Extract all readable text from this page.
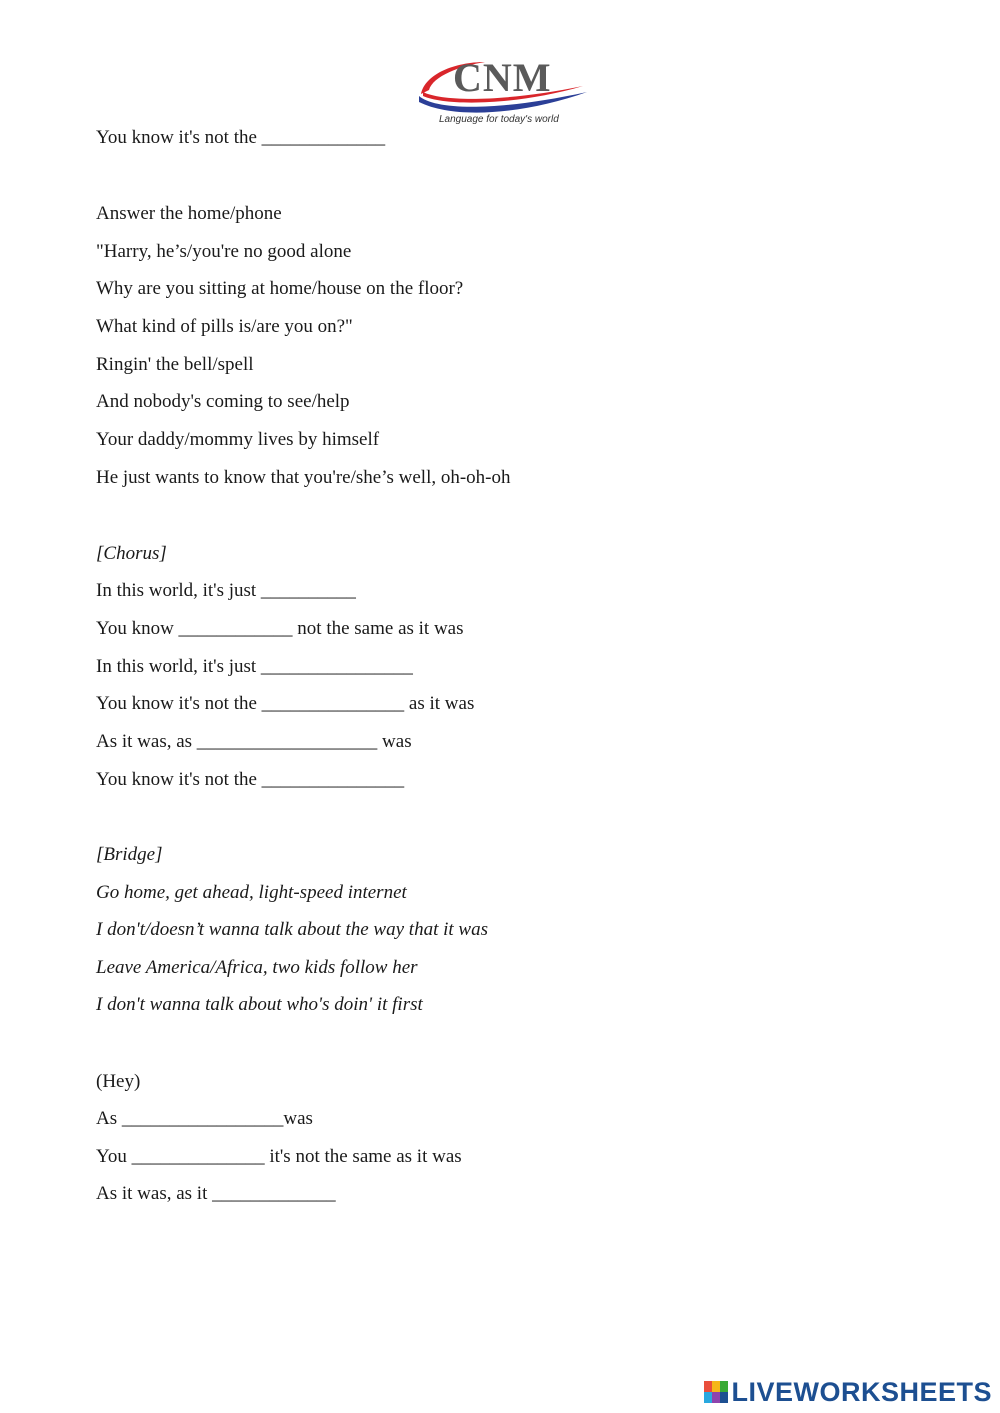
CNM
Language for today's world
You know it's not the _____________
Answer the home/phone
"Harry, he’s/you're no good alone
Why are you sitting at home/house on the floor?
What kind of pills is/are you on?"
Ringin' the bell/spell
And nobody's coming to see/help
Your daddy/mommy lives by himself
He just wants to know that you're/she’s well, oh-oh-oh
[Chorus]
In this world, it's just __________
You know ____________ not the same as it was
In this world, it's just ________________
You know it's not the _______________ as it was
As it was, as ___________________ was
You know it's not the _______________
[Bridge]
Go home, get ahead, light-speed internet
I don't/doesn’t wanna talk about the way that it was
Leave America/Africa, two kids follow her
I don't wanna talk about who's doin' it first
(Hey)
As _________________was
You ______________ it's not the same as it was
As it was, as it _____________
LIVEWORKSHEETS
